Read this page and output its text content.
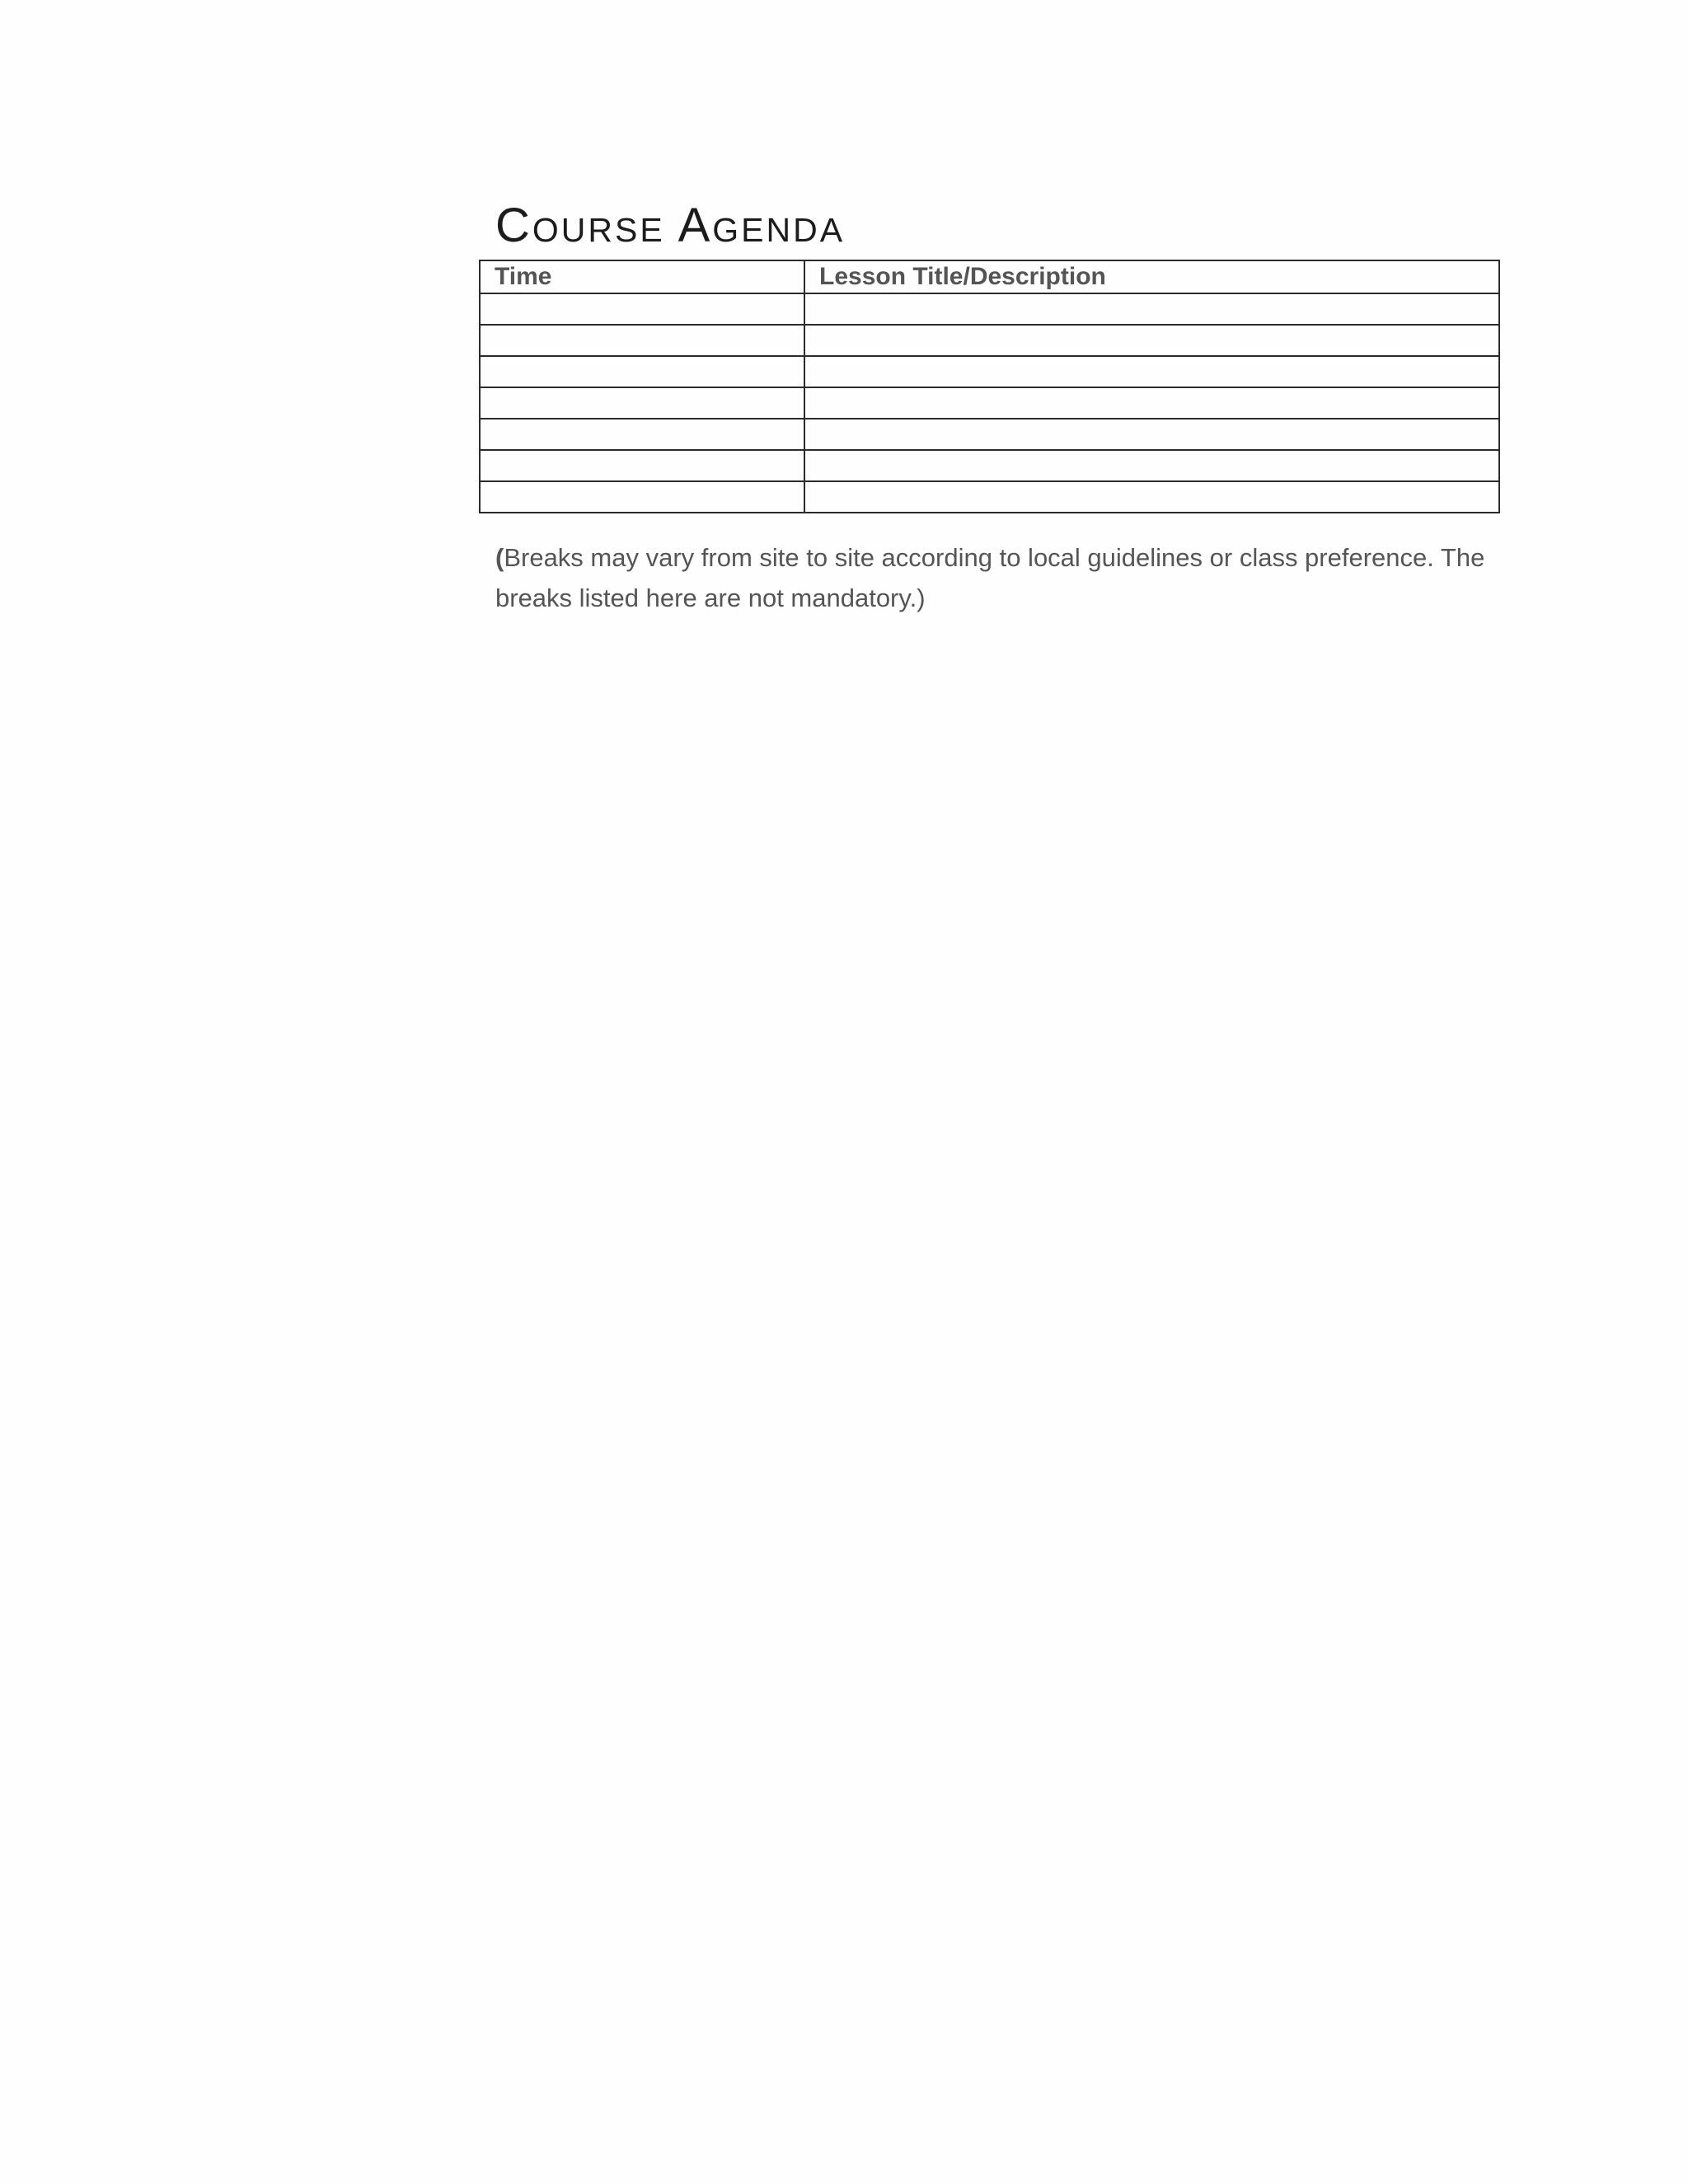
Course Agenda
Time	Lesson Title/Description

(Breaks may vary from site to site according to local guidelines or class preference. The breaks listed here are not mandatory.)
